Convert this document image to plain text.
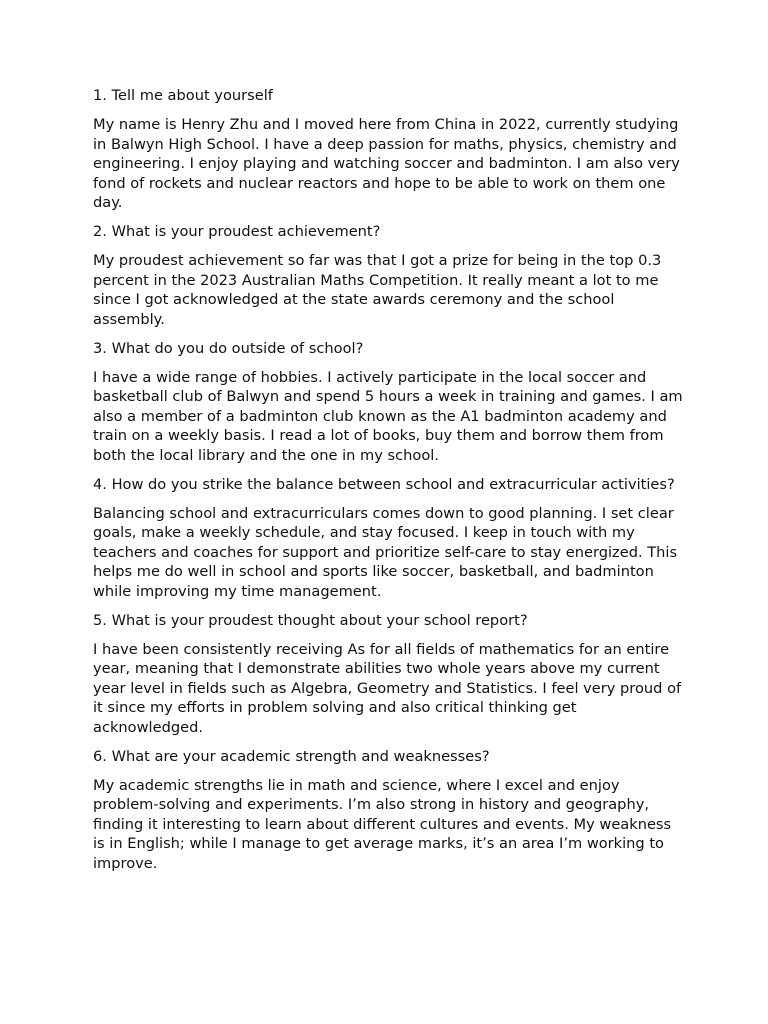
1. Tell me about yourself

My name is Henry Zhu and I moved here from China in 2022, currently studying in Balwyn High School. I have a deep passion for maths, physics, chemistry and engineering. I enjoy playing and watching soccer and badminton. I am also very fond of rockets and nuclear reactors and hope to be able to work on them one day.

2. What is your proudest achievement?

My proudest achievement so far was that I got a prize for being in the top 0.3 percent in the 2023 Australian Maths Competition. It really meant a lot to me since I got acknowledged at the state awards ceremony and the school assembly.

3. What do you do outside of school?

I have a wide range of hobbies. I actively participate in the local soccer and basketball club of Balwyn and spend 5 hours a week in training and games. I am also a member of a badminton club known as the A1 badminton academy and train on a weekly basis. I read a lot of books, buy them and borrow them from both the local library and the one in my school.

4. How do you strike the balance between school and extracurricular activities?

Balancing school and extracurriculars comes down to good planning. I set clear goals, make a weekly schedule, and stay focused. I keep in touch with my teachers and coaches for support and prioritize self-care to stay energized. This helps me do well in school and sports like soccer, basketball, and badminton while improving my time management.

5. What is your proudest thought about your school report?

I have been consistently receiving As for all fields of mathematics for an entire year, meaning that I demonstrate abilities two whole years above my current year level in fields such as Algebra, Geometry and Statistics. I feel very proud of it since my efforts in problem solving and also critical thinking get acknowledged.

6. What are your academic strength and weaknesses?

My academic strengths lie in math and science, where I excel and enjoy problem-solving and experiments. I’m also strong in history and geography, finding it interesting to learn about different cultures and events. My weakness is in English; while I manage to get average marks, it’s an area I’m working to improve.
